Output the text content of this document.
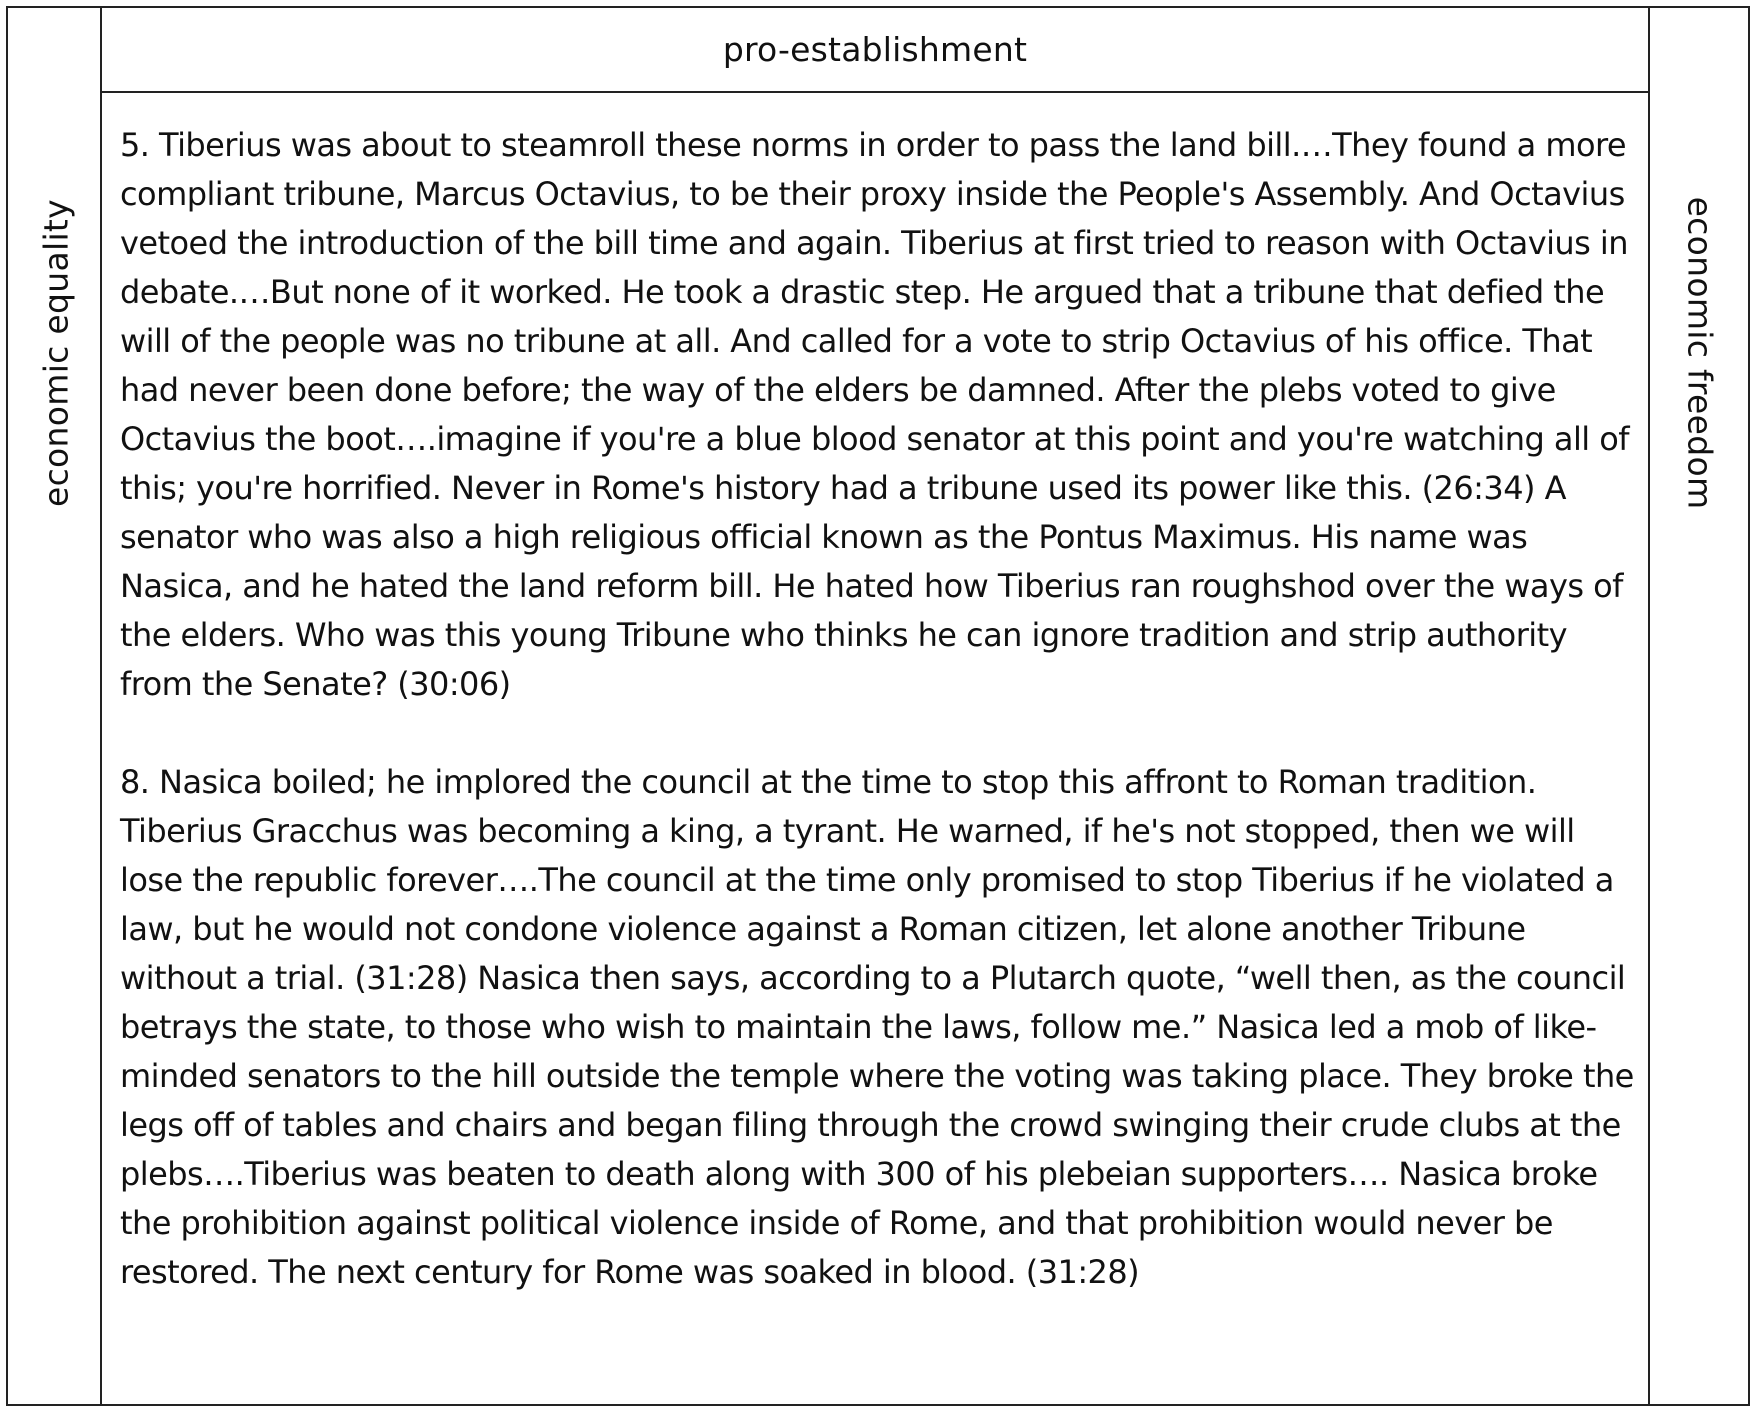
economic equality
pro-establishment

5. Tiberius was about to steamroll these norms in order to pass the land bill.…They found a more compliant tribune, Marcus Octavius, to be their proxy inside the People's Assembly. And Octavius vetoed the introduction of the bill time and again. Tiberius at first tried to reason with Octavius in debate.…But none of it worked. He took a drastic step. He argued that a tribune that defied the will of the people was no tribune at all. And called for a vote to strip Octavius of his office. That had never been done before; the way of the elders be damned. After the plebs voted to give Octavius the boot….imagine if you're a blue blood senator at this point and you're watching all of this; you're horrified. Never in Rome's history had a tribune used its power like this. (26:34) A senator who was also a high religious official known as the Pontus Maximus. His name was Nasica, and he hated the land reform bill. He hated how Tiberius ran roughshod over the ways of the elders. Who was this young Tribune who thinks he can ignore tradition and strip authority from the Senate? (30:06)

8. Nasica boiled; he implored the council at the time to stop this affront to Roman tradition. Tiberius Gracchus was becoming a king, a tyrant. He warned, if he's not stopped, then we will lose the republic forever….The council at the time only promised to stop Tiberius if he violated a law, but he would not condone violence against a Roman citizen, let alone another Tribune without a trial. (31:28) Nasica then says, according to a Plutarch quote, “well then, as the council betrays the state, to those who wish to maintain the laws, follow me.” Nasica led a mob of like-minded senators to the hill outside the temple where the voting was taking place. They broke the legs off of tables and chairs and began filing through the crowd swinging their crude clubs at the plebs….Tiberius was beaten to death along with 300 of his plebeian supporters…. Nasica broke the prohibition against political violence inside of Rome, and that prohibition would never be restored. The next century for Rome was soaked in blood. (31:28)

economic freedom
